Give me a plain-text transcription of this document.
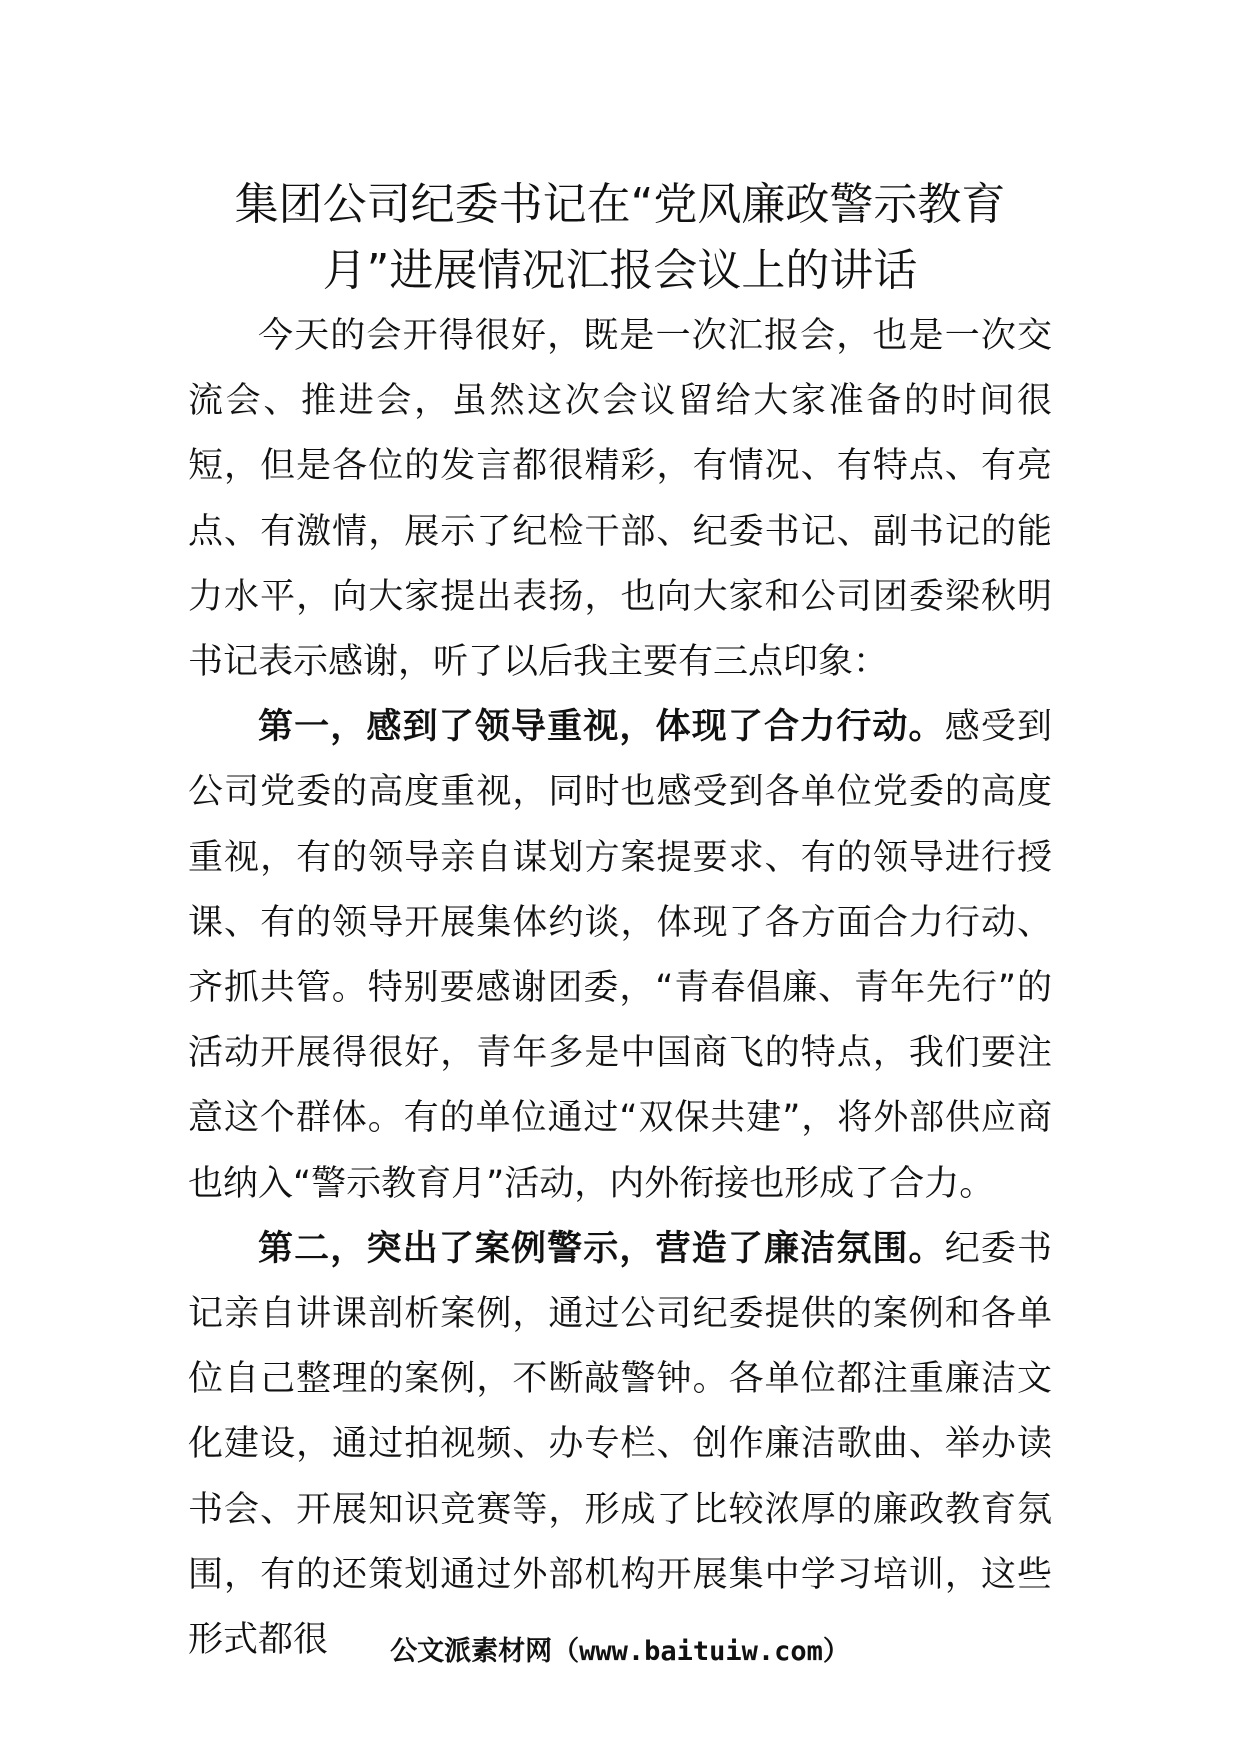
集团公司纪委书记在“党风廉政警示教育
月”进展情况汇报会议上的讲话

今天的会开得很好，既是一次汇报会，也是一次交流会、推进会，虽然这次会议留给大家准备的时间很短，但是各位的发言都很精彩，有情况、有特点、有亮点、有激情，展示了纪检干部、纪委书记、副书记的能力水平，向大家提出表扬，也向大家和公司团委梁秋明书记表示感谢，听了以后我主要有三点印象：

第一，感到了领导重视，体现了合力行动。感受到公司党委的高度重视，同时也感受到各单位党委的高度重视，有的领导亲自谋划方案提要求、有的领导进行授课、有的领导开展集体约谈，体现了各方面合力行动、齐抓共管。特别要感谢团委，“青春倡廉、青年先行”的活动开展得很好，青年多是中国商飞的特点，我们要注意这个群体。有的单位通过“双保共建”，将外部供应商也纳入“警示教育月”活动，内外衔接也形成了合力。

第二，突出了案例警示，营造了廉洁氛围。纪委书记亲自讲课剖析案例，通过公司纪委提供的案例和各单位自己整理的案例，不断敲警钟。各单位都注重廉洁文化建设，通过拍视频、办专栏、创作廉洁歌曲、举办读书会、开展知识竞赛等，形成了比较浓厚的廉政教育氛围，有的还策划通过外部机构开展集中学习培训，这些形式都很	公文派素材网（www.baituiw.com）
